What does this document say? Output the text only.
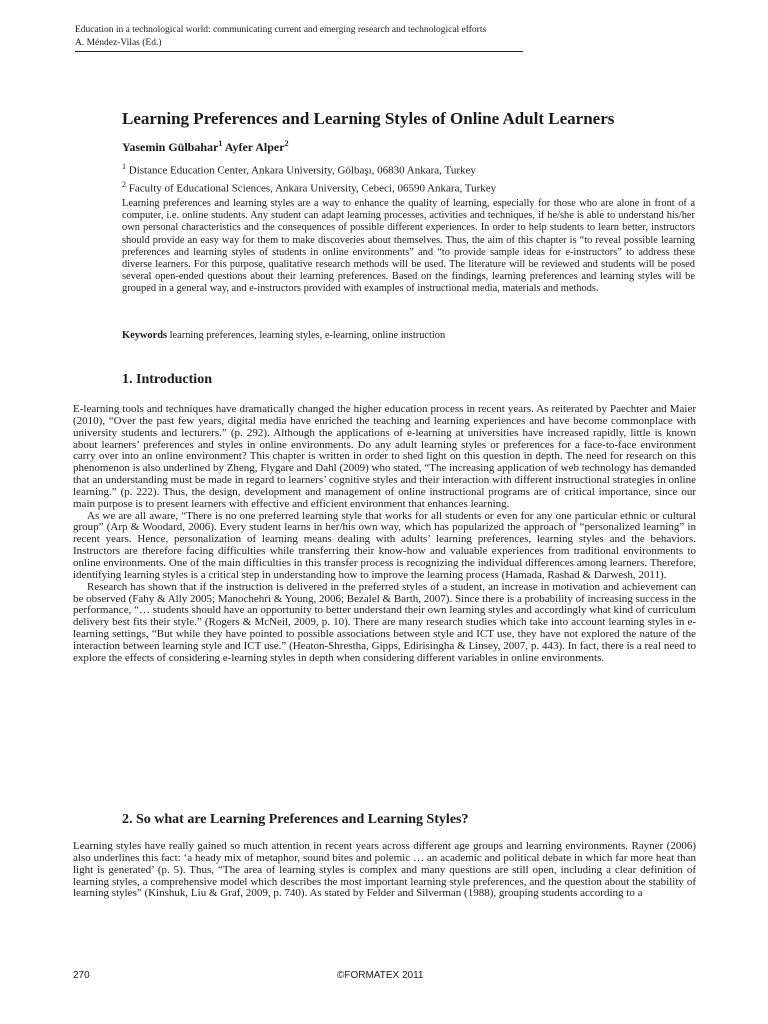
Education in a technological world: communicating current and emerging research and technological efforts
A. Méndez-Vilas (Ed.)
Learning Preferences and Learning Styles of Online Adult Learners
Yasemin Gülbahar$^1$ Ayfer Alper$^2$
$^1$ Distance Education Center, Ankara University, Gölbaşı, 06830 Ankara, Turkey
$^2$ Faculty of Educational Sciences, Ankara University, Cebeci, 06590 Ankara, Turkey

Learning preferences and learning styles are a way to enhance the quality of learning, especially for those who are alone in front of a computer, i.e. online students. Any student can adapt learning processes, activities and techniques, if he/she is able to understand his/her own personal characteristics and the consequences of possible different experiences. In order to help students to learn better, instructors should provide an easy way for them to make discoveries about themselves. Thus, the aim of this chapter is “to reveal possible learning preferences and learning styles of students in online environments” and “to provide sample ideas for e-instructors” to address these diverse learners. For this purpose, qualitative research methods will be used. The literature will be reviewed and students will be posed several open-ended questions about their learning preferences. Based on the findings, learning preferences and learning styles will be grouped in a general way, and e-instructors provided with examples of instructional media, materials and methods.

Keywords learning preferences, learning styles, e-learning, online instruction
1. Introduction

E-learning tools and techniques have dramatically changed the higher education process in recent years. As reiterated by Paechter and Maier (2010), “Over the past few years, digital media have enriched the teaching and learning experiences and have become commonplace with university students and lecturers.” (p. 292). Although the applications of e-learning at universities have increased rapidly, little is known about learners’ preferences and styles in online environments. Do any adult learning styles or preferences for a face-to-face environment carry over into an online environment? This chapter is written in order to shed light on this question in depth. The need for research on this phenomenon is also underlined by Zheng, Flygare and Dahl (2009) who stated, “The increasing application of web technology has demanded that an understanding must be made in regard to learners’ cognitive styles and their interaction with different instructional strategies in online learning.” (p. 222). Thus, the design, development and management of online instructional programs are of critical importance, since our main purpose is to present learners with effective and efficient environment that enhances learning.

As we are all aware, “There is no one preferred learning style that works for all students or even for any one particular ethnic or cultural group” (Arp & Woodard, 2006). Every student learns in her/his own way, which has popularized the approach of “personalized learning” in recent years. Hence, personalization of learning means dealing with adults’ learning preferences, learning styles and the behaviors. Instructors are therefore facing difficulties while transferring their know-how and valuable experiences from traditional environments to online environments. One of the main difficulties in this transfer process is recognizing the individual differences among learners. Therefore, identifying learning styles is a critical step in understanding how to improve the learning process (Hamada, Rashad & Darwesh, 2011).

Research has shown that if the instruction is delivered in the preferred styles of a student, an increase in motivation and achievement can be observed (Fahy & Ally 2005; Manochehri & Young, 2006; Bezalel & Barth, 2007). Since there is a probability of increasing success in the performance, “… students should have an opportunity to better understand their own learning styles and accordingly what kind of curriculum delivery best fits their style.” (Rogers & McNeil, 2009, p. 10). There are many research studies which take into account learning styles in e-learning settings, “But while they have pointed to possible associations between style and ICT use, they have not explored the nature of the interaction between learning style and ICT use.” (Heaton-Shrestha, Gipps, Edirisingha & Linsey, 2007, p. 443). In fact, there is a real need to explore the effects of considering e-learning styles in depth when considering different variables in online environments.

2. So what are Learning Preferences and Learning Styles?

Learning styles have really gained so much attention in recent years across different age groups and learning environments. Rayner (2006) also underlines this fact: ‘a heady mix of metaphor, sound bites and polemic … an academic and political debate in which far more heat than light is generated’ (p. 5). Thus, “The area of learning styles is complex and many questions are still open, including a clear definition of learning styles, a comprehensive model which describes the most important learning style preferences, and the question about the stability of learning styles” (Kinshuk, Liu & Graf, 2009, p. 740). As stated by Felder and Silverman (1988), grouping students according to a

270	©FORMATEX 2011
